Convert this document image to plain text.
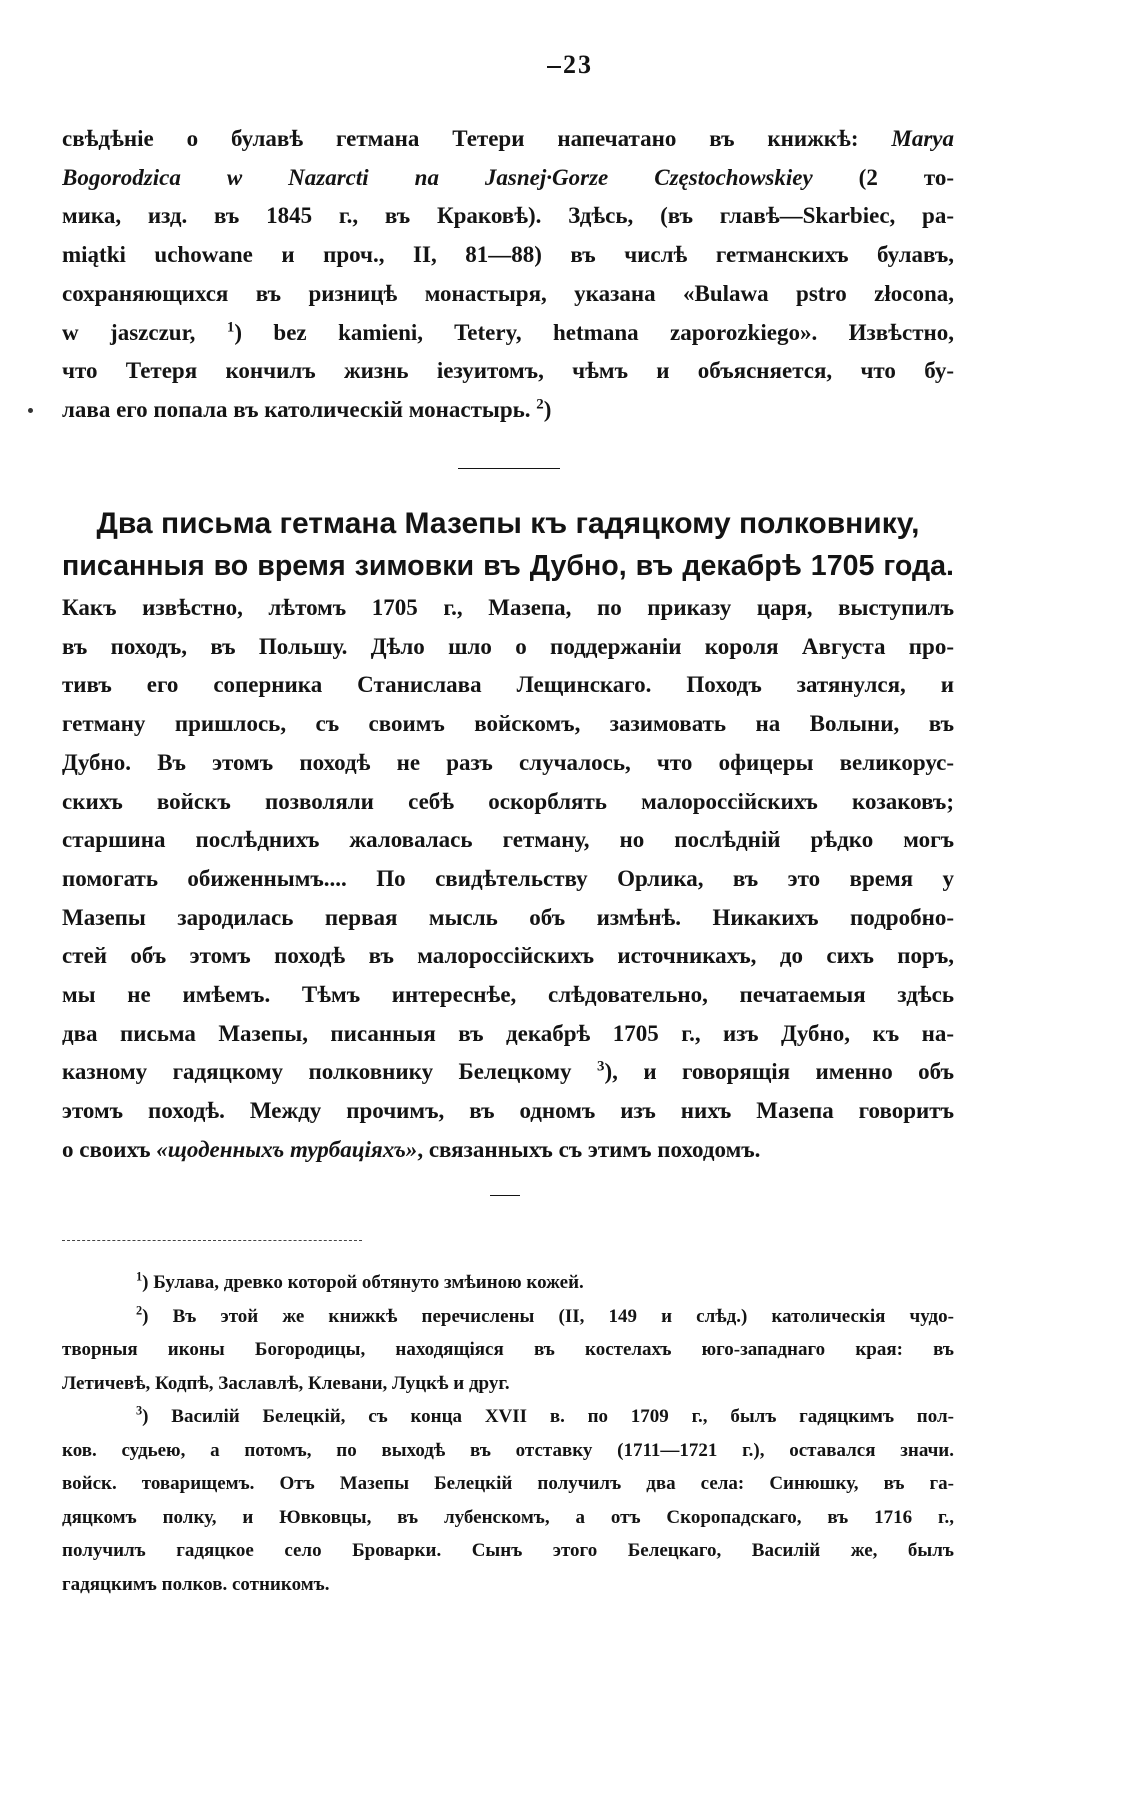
23
свѣдѣніе о булавѣ гетмана Тетери напечатано въ книжкѣ: Marya
Bogorodzica w Nazarcti na Jasnej·Gorze Częstochowskiey (2 то-
мика, изд. въ 1845 г., въ Краковѣ). Здѣсь, (въ главѣ—Skarbiec, pa-
miątki uchowane и проч., II, 81—88) въ числѣ гетманскихъ булавъ,
сохраняющихся въ ризницѣ монастыря, указана «Bulawa pstro złocona,
w jaszczur, $^1$) bez kamieni, Tetery, hetmana zaporozkiego». Извѣстно,
что Тетеря кончилъ жизнь іезуитомъ, чѣмъ и объясняется, что бу-
лава его попала въ католическій монастырь. $^2$)
Два письма гетмана Мазепы къ гадяцкому полковнику,
писанныя во время зимовки въ Дубно, въ декабрѣ 1705 года.
Какъ извѣстно, лѣтомъ 1705 г., Мазепа, по приказу царя, выступилъ
въ походъ, въ Польшу. Дѣло шло о поддержаніи короля Августа про-
тивъ его соперника Станислава Лещинскаго. Походъ затянулся, и
гетману пришлось, съ своимъ войскомъ, зазимовать на Волыни, въ
Дубно. Въ этомъ походѣ не разъ случалось, что офицеры великорус-
скихъ войскъ позволяли себѣ оскорблять малороссійскихъ козаковъ;
старшина послѣднихъ жаловалась гетману, но послѣдній рѣдко могъ
помогать обиженнымъ.... По свидѣтельству Орлика, въ это время у
Мазепы зародилась первая мысль объ измѣнѣ. Никакихъ подробно-
стей объ этомъ походѣ въ малороссійскихъ источникахъ, до сихъ поръ,
мы не имѣемъ. Тѣмъ интереснѣе, слѣдовательно, печатаемыя здѣсь
два письма Мазепы, писанныя въ декабрѣ 1705 г., изъ Дубно, къ на-
казному гадяцкому полковнику Белецкому $^3$), и говорящія именно объ
этомъ походѣ. Между прочимъ, въ одномъ изъ нихъ Мазепа говоритъ
о своихъ «щоденныхъ турбаціяхъ», связанныхъ съ этимъ походомъ.
$^1$) Булава, древко которой обтянуто змѣиною кожей.
$^2$) Въ этой же книжкѣ перечислены (II, 149 и слѣд.) католическія чудо-
творныя иконы Богородицы, находящіяся въ костелахъ юго-западнаго края: въ
Летичевѣ, Кодпѣ, Заславлѣ, Клевани, Луцкѣ и друг.
$^3$) Василій Белецкій, съ конца XVII в. по 1709 г., былъ гадяцкимъ пол-
ков. судьею, а потомъ, по выходѣ въ отставку (1711—1721 г.), оставался значи.
войск. товарищемъ. Отъ Мазепы Белецкій получилъ два села: Синюшку, въ га-
дяцкомъ полку, и Ювковцы, въ лубенскомъ, а отъ Скоропадскаго, въ 1716 г.,
получилъ гадяцкое село Броварки. Сынъ этого Белецкаго, Василій же, былъ
гадяцкимъ полков. сотникомъ.
